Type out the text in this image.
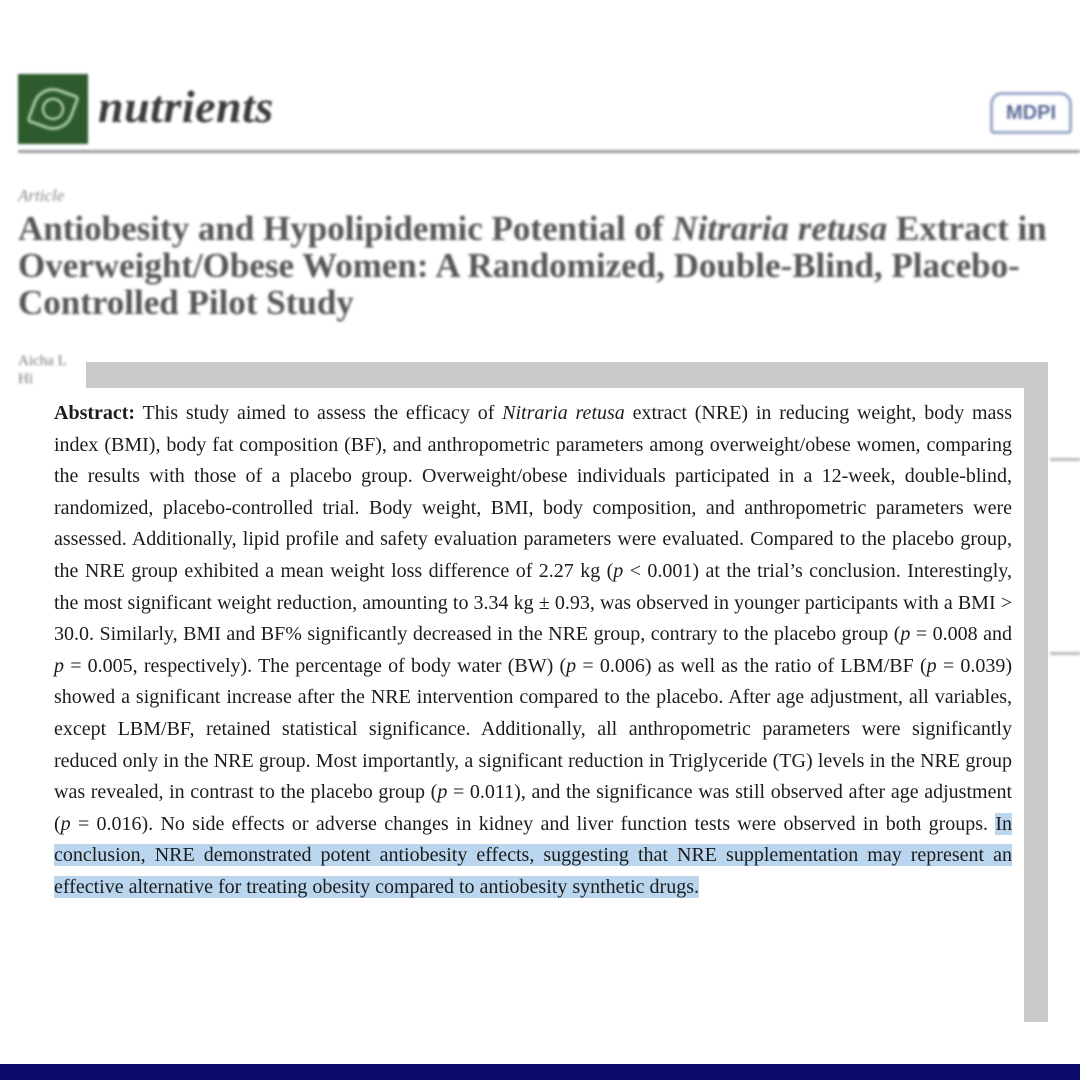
nutrients	MDPI
Article
Antiobesity and Hypolipidemic Potential of Nitraria retusa Extract in Overweight/Obese Women: A Randomized, Double-Blind, Placebo-Controlled Pilot Study
Aicha L
Hi

Abstract: This study aimed to assess the efficacy of Nitraria retusa extract (NRE) in reducing weight, body mass index (BMI), body fat composition (BF), and anthropometric parameters among overweight/obese women, comparing the results with those of a placebo group. Overweight/obese individuals participated in a 12-week, double-blind, randomized, placebo-controlled trial. Body weight, BMI, body composition, and anthropometric parameters were assessed. Additionally, lipid profile and safety evaluation parameters were evaluated. Compared to the placebo group, the NRE group exhibited a mean weight loss difference of 2.27 kg (p < 0.001) at the trial’s conclusion. Interestingly, the most significant weight reduction, amounting to 3.34 kg ± 0.93, was observed in younger participants with a BMI > 30.0. Similarly, BMI and BF% significantly decreased in the NRE group, contrary to the placebo group (p = 0.008 and p = 0.005, respectively). The percentage of body water (BW) (p = 0.006) as well as the ratio of LBM/BF (p = 0.039) showed a significant increase after the NRE intervention compared to the placebo. After age adjustment, all variables, except LBM/BF, retained statistical significance. Additionally, all anthropometric parameters were significantly reduced only in the NRE group. Most importantly, a significant reduction in Triglyceride (TG) levels in the NRE group was revealed, in contrast to the placebo group (p = 0.011), and the significance was still observed after age adjustment (p = 0.016). No side effects or adverse changes in kidney and liver function tests were observed in both groups. In conclusion, NRE demonstrated potent antiobesity effects, suggesting that NRE supplementation may represent an effective alternative for treating obesity compared to antiobesity synthetic drugs.
